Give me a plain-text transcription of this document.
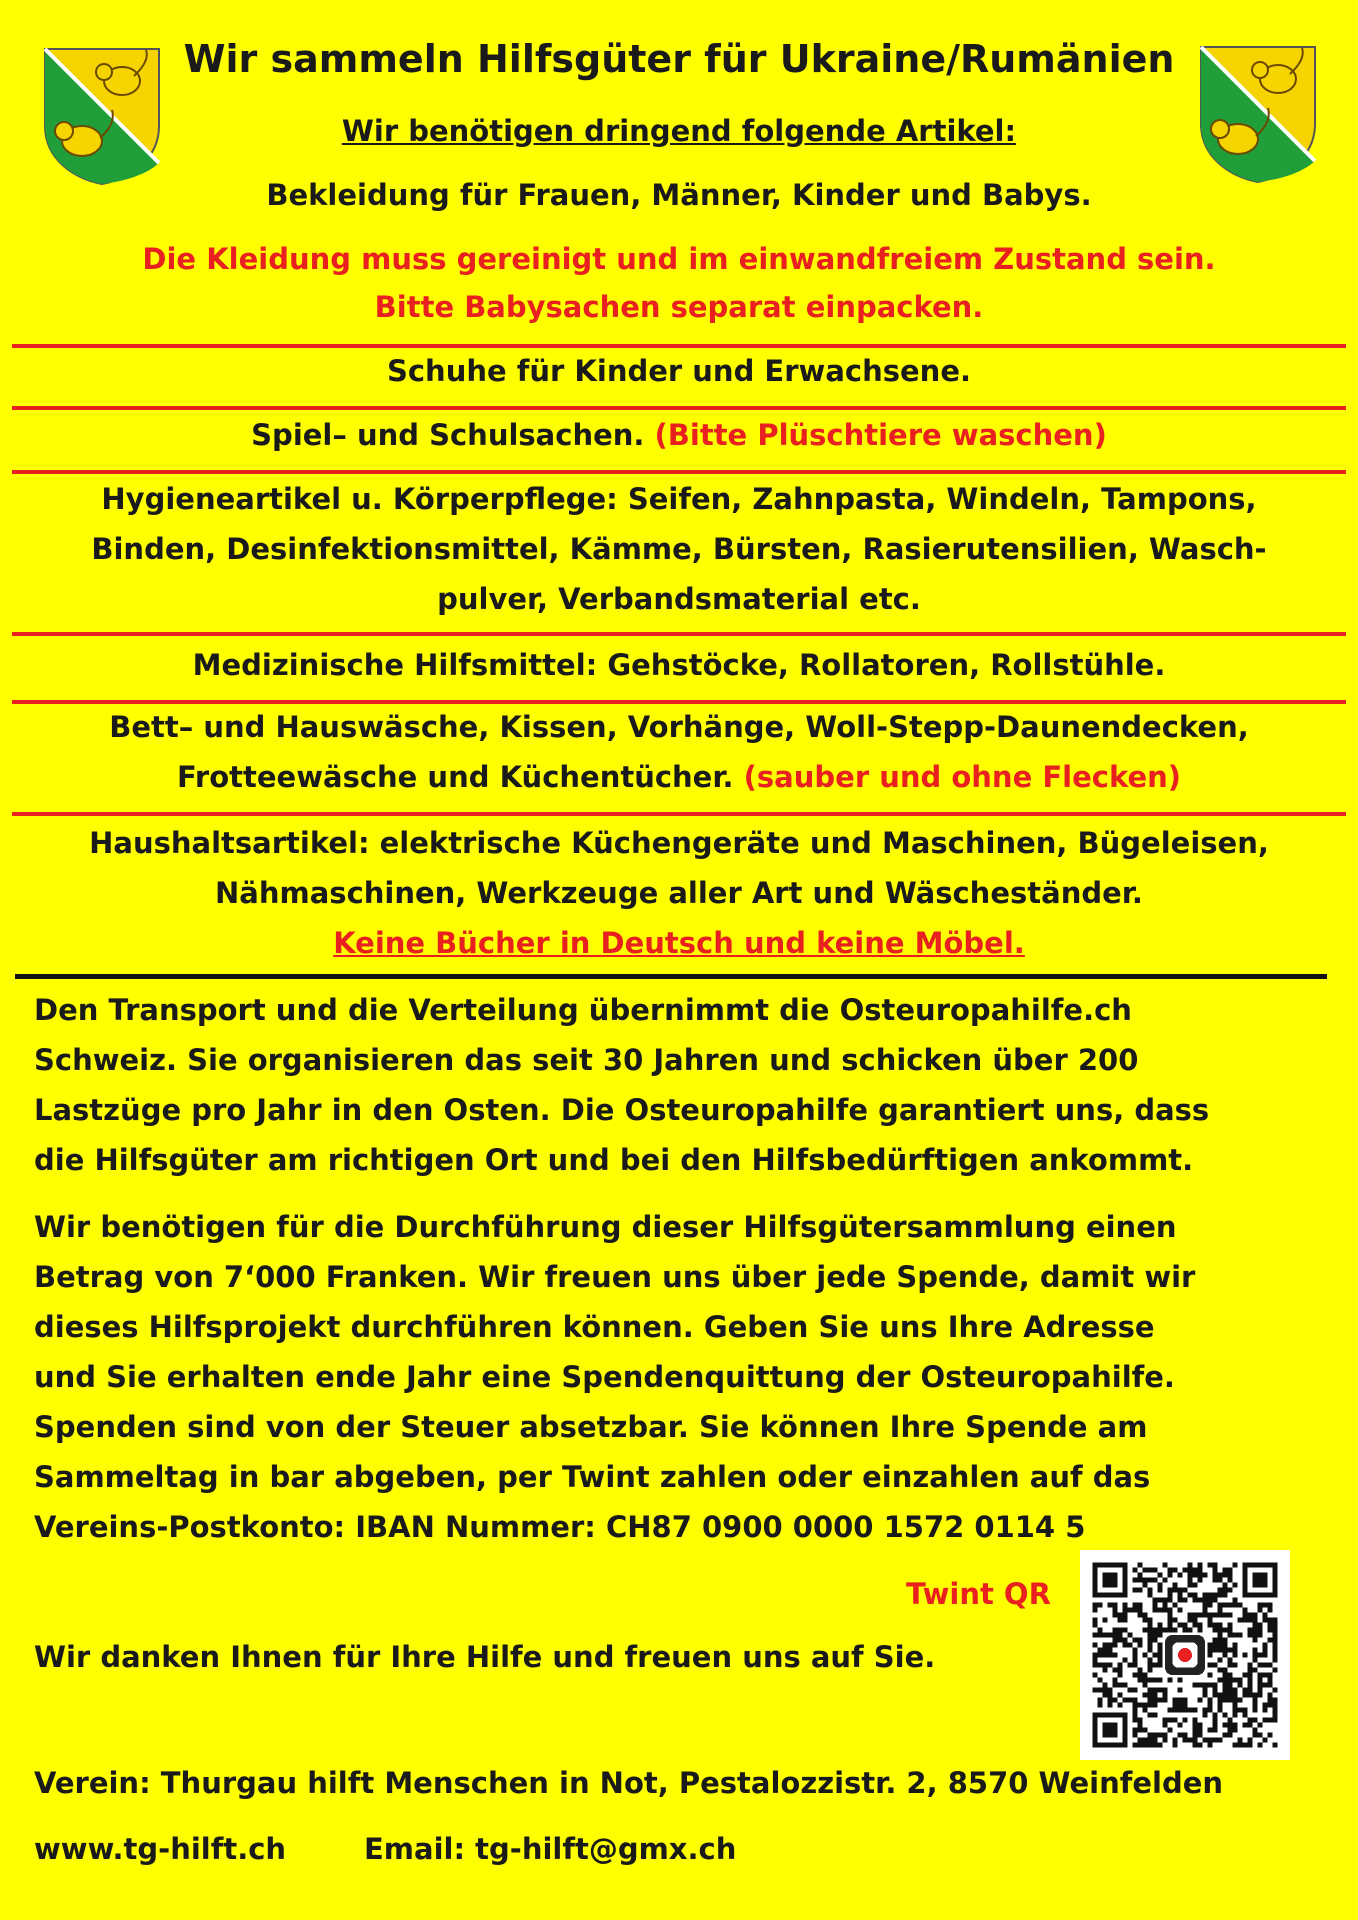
Wir sammeln Hilfsgüter für Ukraine/Rumänien
Wir benötigen dringend folgende Artikel:
Bekleidung für Frauen, Männer, Kinder und Babys.
Die Kleidung muss gereinigt und im einwandfreiem Zustand sein.
Bitte Babysachen separat einpacken.
Schuhe für Kinder und Erwachsene.
Spiel– und Schulsachen. (Bitte Plüschtiere waschen)
Hygieneartikel u. Körperpflege: Seifen, Zahnpasta, Windeln, Tampons,
Binden, Desinfektionsmittel, Kämme, Bürsten, Rasierutensilien, Wasch-
pulver, Verbandsmaterial etc.
Medizinische Hilfsmittel: Gehstöcke, Rollatoren, Rollstühle.
Bett– und Hauswäsche, Kissen, Vorhänge, Woll-Stepp-Daunendecken,
Frotteewäsche und Küchentücher. (sauber und ohne Flecken)
Haushaltsartikel: elektrische Küchengeräte und Maschinen, Bügeleisen,
Nähmaschinen, Werkzeuge aller Art und Wäscheständer.
Keine Bücher in Deutsch und keine Möbel.
Den Transport und die Verteilung übernimmt die Osteuropahilfe.ch
Schweiz. Sie organisieren das seit 30 Jahren und schicken über 200
Lastzüge pro Jahr in den Osten. Die Osteuropahilfe garantiert uns, dass
die Hilfsgüter am richtigen Ort und bei den Hilfsbedürftigen ankommt.
Wir benötigen für die Durchführung dieser Hilfsgütersammlung einen
Betrag von 7‘000 Franken. Wir freuen uns über jede Spende, damit wir
dieses Hilfsprojekt durchführen können. Geben Sie uns Ihre Adresse
und Sie erhalten ende Jahr eine Spendenquittung der Osteuropahilfe.
Spenden sind von der Steuer absetzbar. Sie können Ihre Spende am
Sammeltag in bar abgeben, per Twint zahlen oder einzahlen auf das
Vereins-Postkonto: IBAN Nummer: CH87 0900 0000 1572 0114 5
Twint QR
Wir danken Ihnen für Ihre Hilfe und freuen uns auf Sie.
Verein: Thurgau hilft Menschen in Not, Pestalozzistr. 2, 8570 Weinfelden
www.tg-hilft.ch	Email: tg-hilft@gmx.ch
